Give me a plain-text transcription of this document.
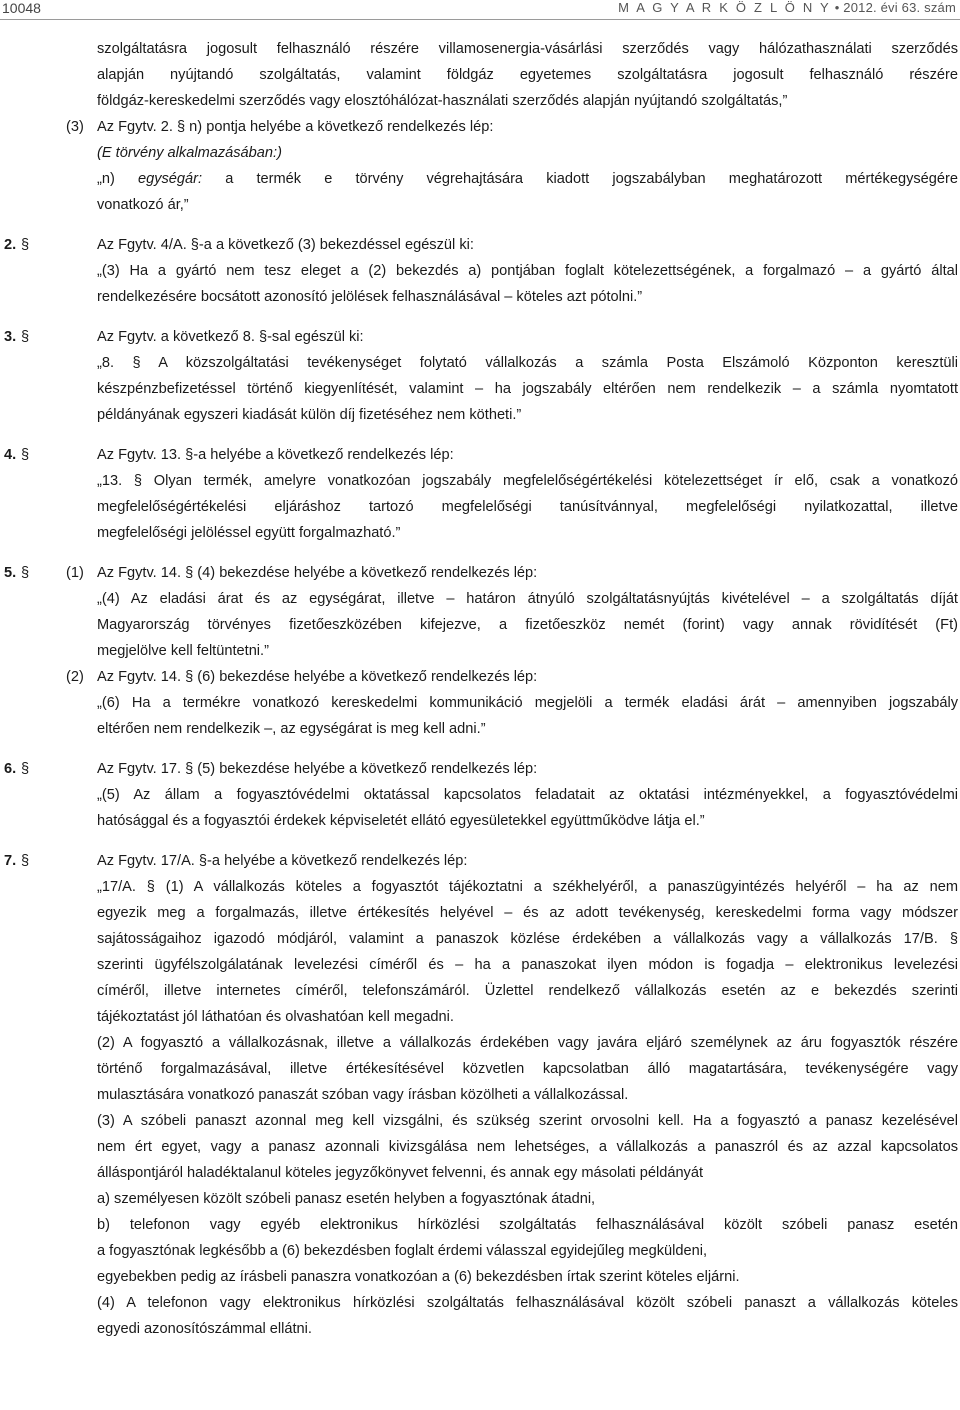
10048	M A G Y A R K Ö Z L Ö N Y • 2012. évi 63. szám
szolgáltatásra jogosult felhasználó részére villamosenergia-vásárlási szerződés vagy hálózathasználati szerződés
alapján nyújtandó szolgáltatás, valamint földgáz egyetemes szolgáltatásra jogosult felhasználó részére
földgáz-kereskedelmi szerződés vagy elosztóhálózat-használati szerződés alapján nyújtandó szolgáltatás,”
(3) Az Fgytv. 2. § n) pontja helyébe a következő rendelkezés lép:
(E törvény alkalmazásában:)
„n) egységár: a termék e törvény végrehajtására kiadott jogszabályban meghatározott mértékegységére
vonatkozó ár,”
2. §	Az Fgytv. 4/A. §-a a következő (3) bekezdéssel egészül ki:
„(3) Ha a gyártó nem tesz eleget a (2) bekezdés a) pontjában foglalt kötelezettségének, a forgalmazó – a gyártó által
rendelkezésére bocsátott azonosító jelölések felhasználásával – köteles azt pótolni.”
3. §	Az Fgytv. a következő 8. §-sal egészül ki:
„8. § A közszolgáltatási tevékenységet folytató vállalkozás a számla Posta Elszámoló Központon keresztüli
készpénzbefizetéssel történő kiegyenlítését, valamint – ha jogszabály eltérően nem rendelkezik – a számla nyomtatott
példányának egyszeri kiadását külön díj fizetéséhez nem kötheti.”
4. §	Az Fgytv. 13. §-a helyébe a következő rendelkezés lép:
„13. § Olyan termék, amelyre vonatkozóan jogszabály megfelelőségértékelési kötelezettséget ír elő, csak a vonatkozó
megfelelőségértékelési eljáráshoz tartozó megfelelőségi tanúsítvánnyal, megfelelőségi nyilatkozattal, illetve
megfelelőségi jelöléssel együtt forgalmazható.”
5. §	(1) Az Fgytv. 14. § (4) bekezdése helyébe a következő rendelkezés lép:
„(4) Az eladási árat és az egységárat, illetve – határon átnyúló szolgáltatásnyújtás kivételével – a szolgáltatás díját
Magyarország törvényes fizetőeszközében kifejezve, a fizetőeszköz nemét (forint) vagy annak rövidítését (Ft)
megjelölve kell feltüntetni.”
(2) Az Fgytv. 14. § (6) bekezdése helyébe a következő rendelkezés lép:
„(6) Ha a termékre vonatkozó kereskedelmi kommunikáció megjelöli a termék eladási árát – amennyiben jogszabály
eltérően nem rendelkezik –, az egységárat is meg kell adni.”
6. §	Az Fgytv. 17. § (5) bekezdése helyébe a következő rendelkezés lép:
„(5) Az állam a fogyasztóvédelmi oktatással kapcsolatos feladatait az oktatási intézményekkel, a fogyasztóvédelmi
hatósággal és a fogyasztói érdekek képviseletét ellátó egyesületekkel együttműködve látja el.”
7. §	Az Fgytv. 17/A. §-a helyébe a következő rendelkezés lép:
„17/A. § (1) A vállalkozás köteles a fogyasztót tájékoztatni a székhelyéről, a panaszügyintézés helyéről – ha az nem
egyezik meg a forgalmazás, illetve értékesítés helyével – és az adott tevékenység, kereskedelmi forma vagy módszer
sajátosságaihoz igazodó módjáról, valamint a panaszok közlése érdekében a vállalkozás vagy a vállalkozás 17/B. §
szerinti ügyfélszolgálatának levelezési címéről és – ha a panaszokat ilyen módon is fogadja – elektronikus levelezési
címéről, illetve internetes címéről, telefonszámáról. Üzlettel rendelkező vállalkozás esetén az e bekezdés szerinti
tájékoztatást jól láthatóan és olvashatóan kell megadni.
(2) A fogyasztó a vállalkozásnak, illetve a vállalkozás érdekében vagy javára eljáró személynek az áru fogyasztók részére
történő forgalmazásával, illetve értékesítésével közvetlen kapcsolatban álló magatartására, tevékenységére vagy
mulasztására vonatkozó panaszát szóban vagy írásban közölheti a vállalkozással.
(3) A szóbeli panaszt azonnal meg kell vizsgálni, és szükség szerint orvosolni kell. Ha a fogyasztó a panasz kezelésével
nem ért egyet, vagy a panasz azonnali kivizsgálása nem lehetséges, a vállalkozás a panaszról és az azzal kapcsolatos
álláspontjáról haladéktalanul köteles jegyzőkönyvet felvenni, és annak egy másolati példányát
a) személyesen közölt szóbeli panasz esetén helyben a fogyasztónak átadni,
b) telefonon vagy egyéb elektronikus hírközlési szolgáltatás felhasználásával közölt szóbeli panasz esetén
a fogyasztónak legkésőbb a (6) bekezdésben foglalt érdemi válasszal egyidejűleg megküldeni,
egyebekben pedig az írásbeli panaszra vonatkozóan a (6) bekezdésben írtak szerint köteles eljárni.
(4) A telefonon vagy elektronikus hírközlési szolgáltatás felhasználásával közölt szóbeli panaszt a vállalkozás köteles
egyedi azonosítószámmal ellátni.
